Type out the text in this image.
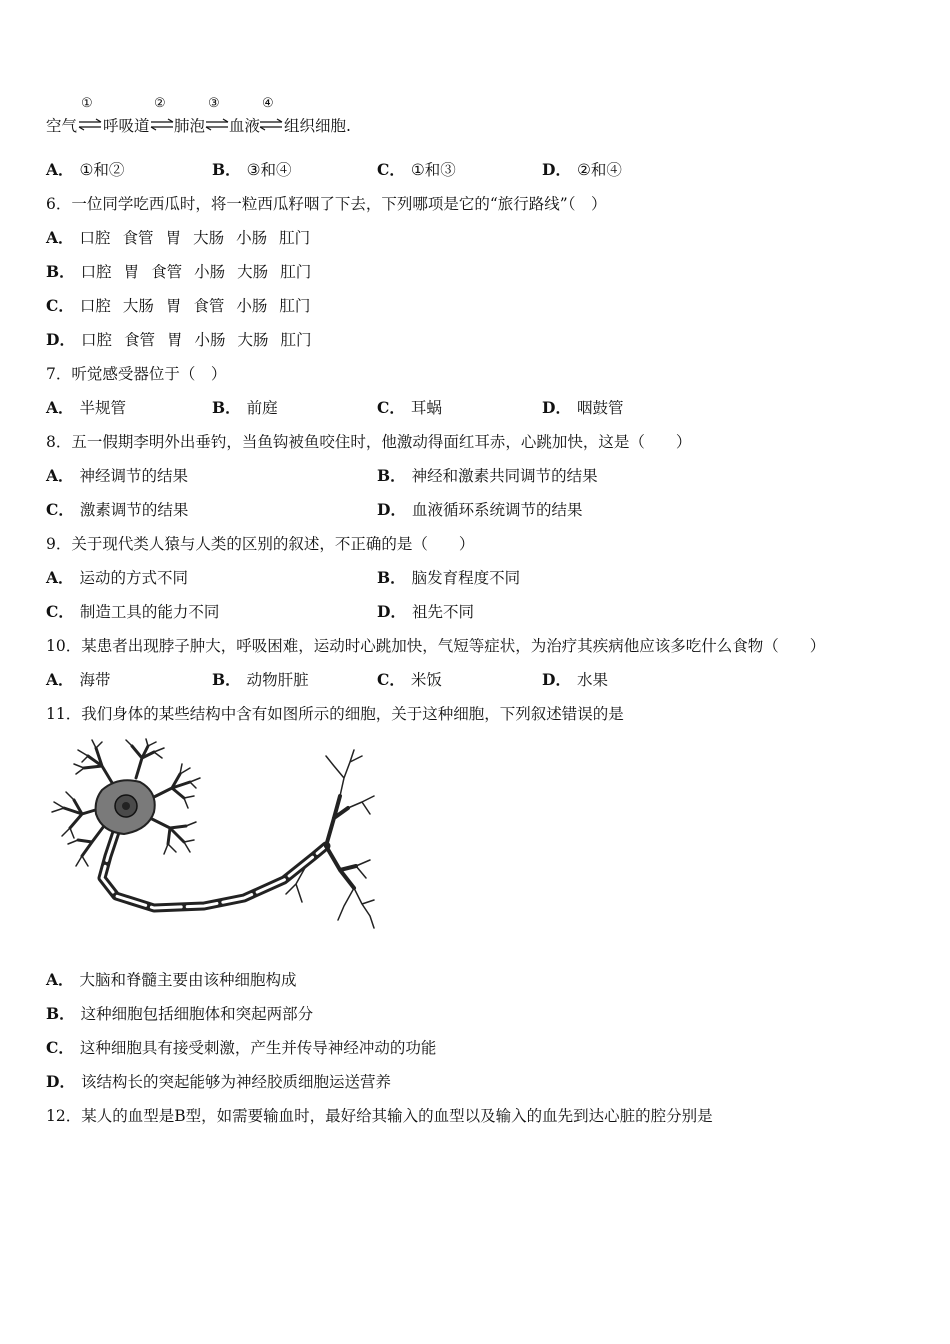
空气
①
⇌ 呼吸道
②
⇌ 肺泡
③
⇌ 血液
④
⇌ 组织细胞.
A． ①和②	B． ③和④	C． ①和③	D． ②和④
6．一位同学吃西瓜时，将一粒西瓜籽咽了下去，下列哪项是它的“旅行路线”（　）
A． 口腔 食管 胃 大肠 小肠 肛门
B． 口腔 胃 食管 小肠 大肠 肛门
C． 口腔 大肠 胃 食管 小肠 肛门
D． 口腔 食管 胃 小肠 大肠 肛门
7．听觉感受器位于（　）
A． 半规管	B． 前庭	C． 耳蜗	D． 咽鼓管
8．五一假期李明外出垂钓，当鱼钩被鱼咬住时，他激动得面红耳赤，心跳加快，这是（　　）
A． 神经调节的结果	B． 神经和激素共同调节的结果
C． 激素调节的结果	D． 血液循环系统调节的结果
9．关于现代类人猿与人类的区别的叙述，不正确的是（　　）
A． 运动的方式不同	B． 脑发育程度不同
C． 制造工具的能力不同	D． 祖先不同
10．某患者出现脖子肿大，呼吸困难，运动时心跳加快，气短等症状，为治疗其疾病他应该多吃什么食物（　　）
A． 海带	B． 动物肝脏	C． 米饭	D． 水果
11．我们身体的某些结构中含有如图所示的细胞，关于这种细胞，下列叙述错误的是
A． 大脑和脊髓主要由该种细胞构成
B． 这种细胞包括细胞体和突起两部分
C． 这种细胞具有接受刺激，产生并传导神经冲动的功能
D． 该结构长的突起能够为神经胶质细胞运送营养
12．某人的血型是B型，如需要输血时，最好给其输入的血型以及输入的血先到达心脏的腔分别是
